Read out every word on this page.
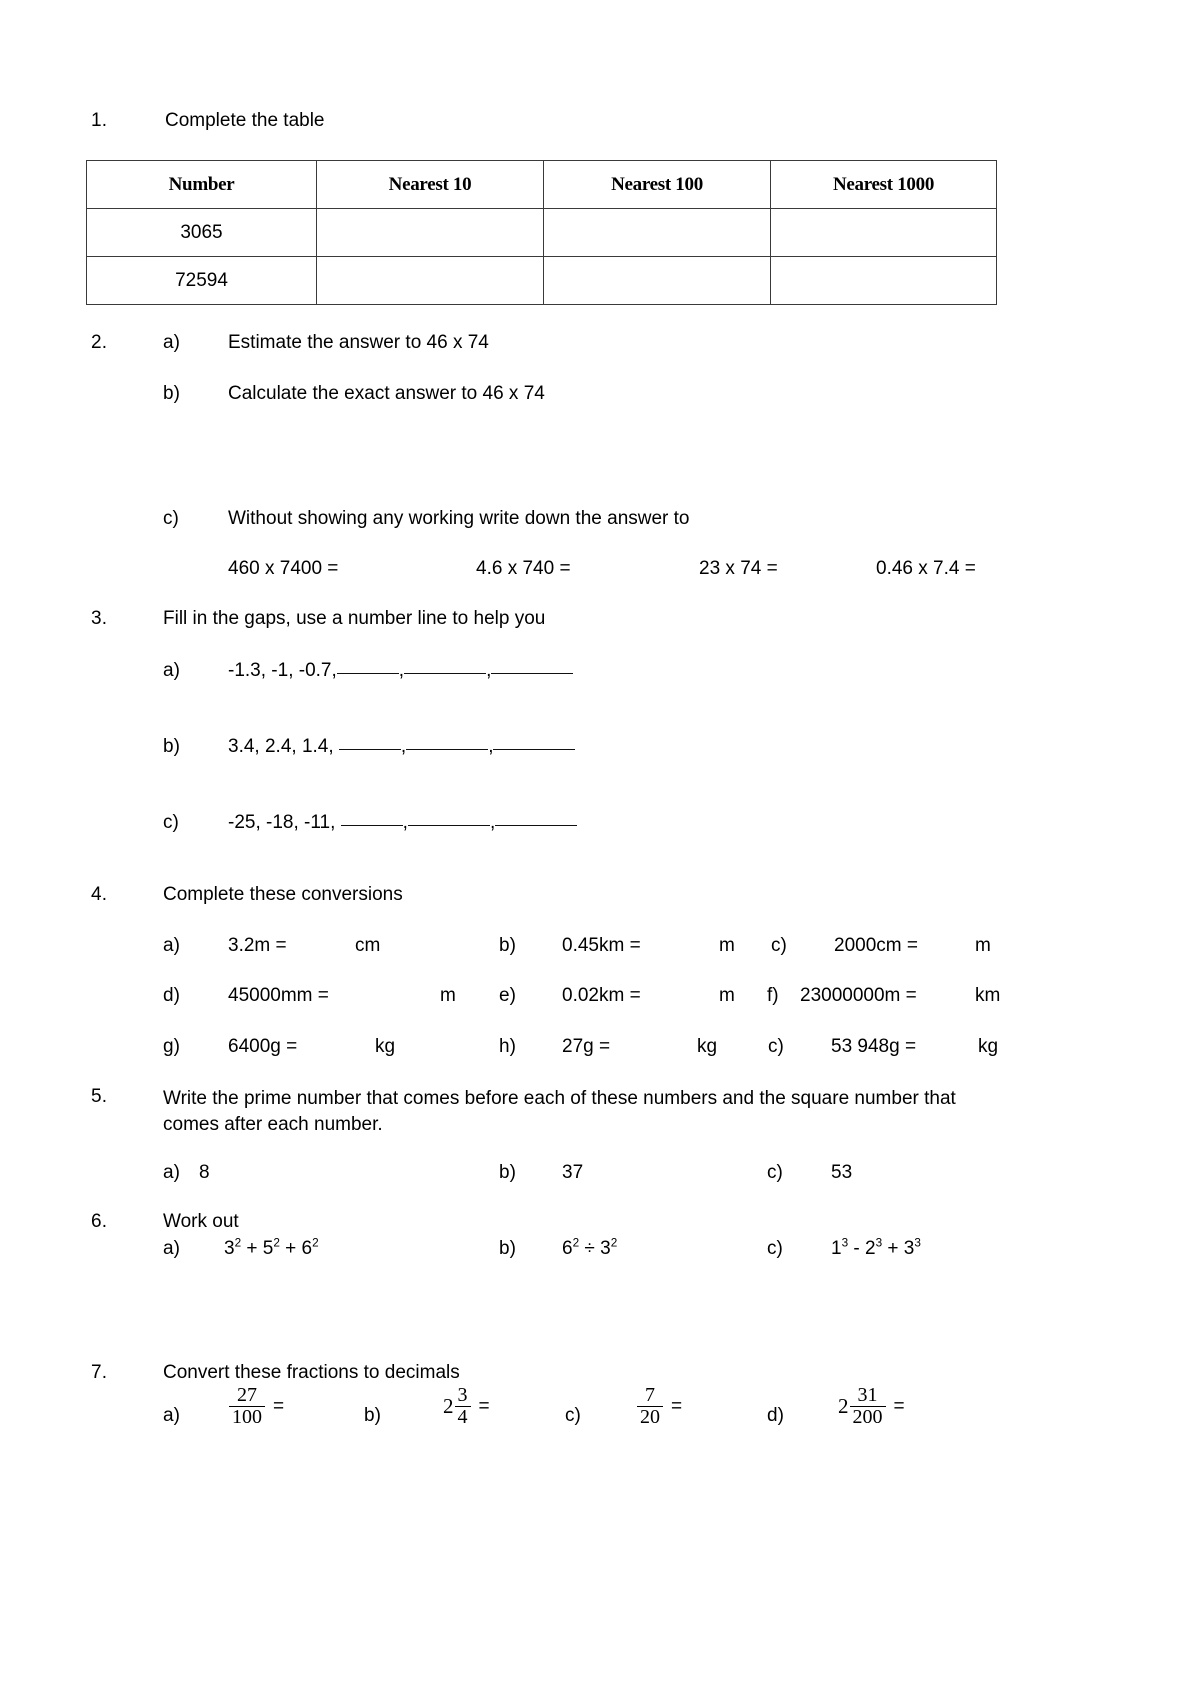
1.	Complete the table
Number	Nearest 10	Nearest 100	Nearest 1000
3065			
72594			
2.	a)	Estimate the answer to 46 x 74
b)	Calculate the exact answer to 46 x 74
c)	Without showing any working write down the answer to
460 x 7400 =	4.6 x 740 =	23 x 74 =	0.46 x 7.4 =
3.	Fill in the gaps, use a number line to help you
a)	-1.3, -1, -0.7,	,	,
b)	3.4, 2.4, 1.4,	,	,
c)	-25, -18, -11,	,	,
4.	Complete these conversions
a)	3.2m =	cm	b) 0.45km =	m c) 2000cm =	m
d)	45000mm =	m e) 0.02km =	m f) 23000000m =	km
g)	6400g =	kg	h) 27g =	kg	c) 53 948g =	kg
5.	Write the prime number that comes before each of these numbers and the square number that comes after each number.
a) 8	b) 37	c)	53
6.	Work out
a) $3^2 + 5^2 + 6^2$	b) $6^2 \div 3^2$	c)	$1^3 - 2^3 + 3^3$
7.	Convert these fractions to decimals
$a) \frac{27}{100}$ =	b)	$2 \frac{3}{4}$ =	c)	$\frac{7}{20}$ =	d)	$2 \frac{31}{200}$ =
